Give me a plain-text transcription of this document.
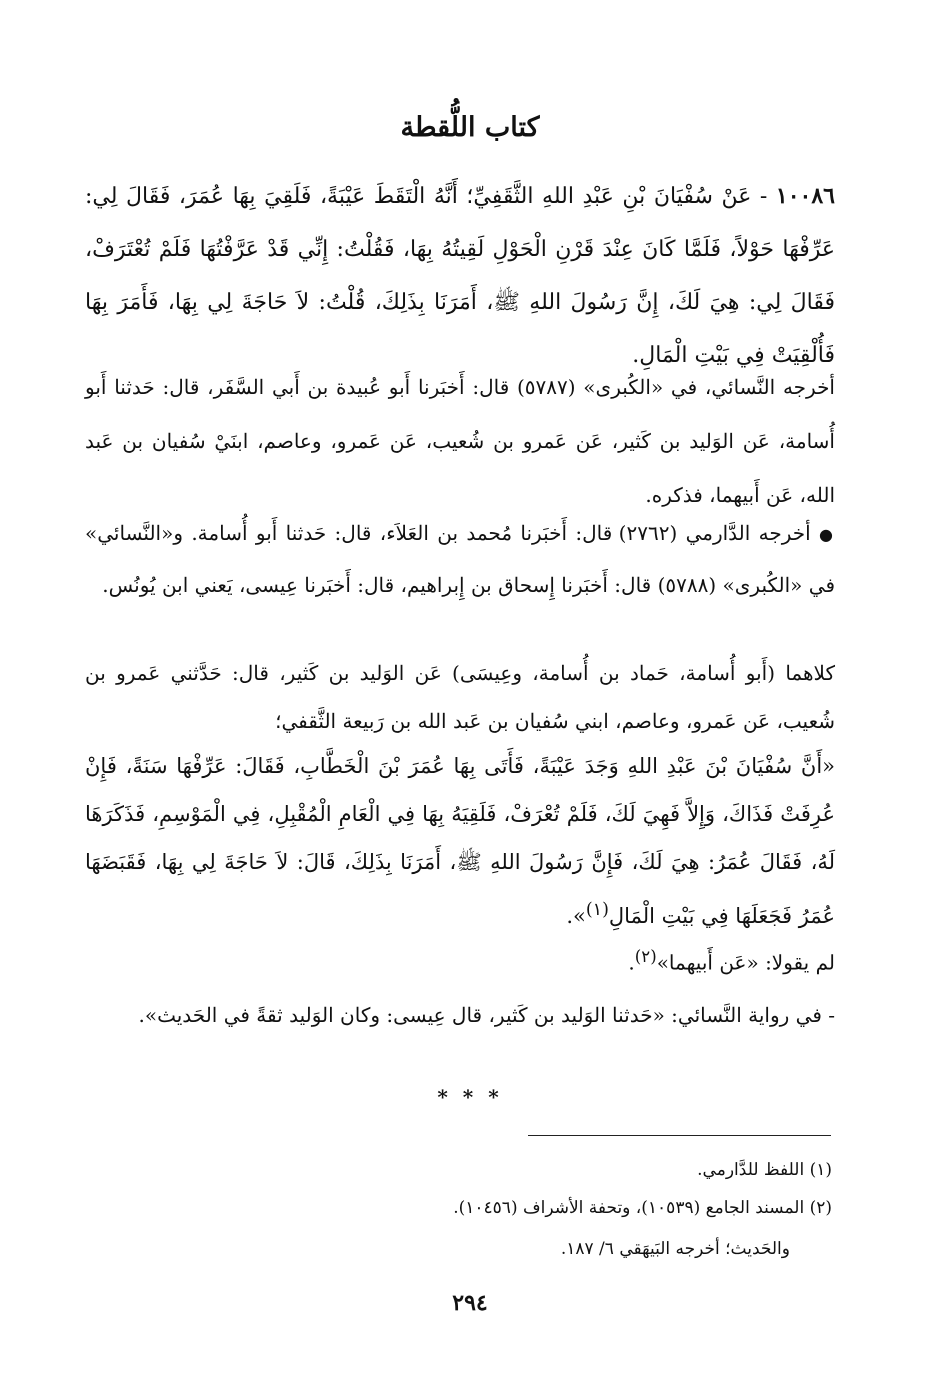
كتاب اللُّقطة
١٠٠٨٦ - عَنْ سُفْيَانَ بْنِ عَبْدِ اللهِ الثَّقَفِيِّ؛ أَنَّهُ الْتَقَطَ عَيْبَةً، فَلَقِيَ بِهَا عُمَرَ، فَقَالَ لِي: عَرِّفْهَا حَوْلاً، فَلَمَّا كَانَ عِنْدَ قَرْنِ الْحَوْلِ لَقِيتُهُ بِهَا، فَقُلْتُ: إِنِّي قَدْ عَرَّفْتُهَا فَلَمْ تُعْتَرَفْ، فَقَالَ لِي: هِيَ لَكَ، إِنَّ رَسُولَ اللهِ ﷺ، أَمَرَنَا بِذَلِكَ، قُلْتُ: لاَ حَاجَةَ لِي بِهَا، فَأَمَرَ بِهَا فَأُلْقِيَتْ فِي بَيْتِ الْمَالِ.
أخرجه النَّسائي، في «الكُبرى» (٥٧٨٧) قال: أَخبَرنا أَبو عُبيدة بن أَبي السَّفَر، قال: حَدثنا أَبو أُسامة، عَن الوَليد بن كَثير، عَن عَمرو بن شُعيب، عَن عَمرو، وعاصم، ابنَيْ سُفيان بن عَبد الله، عَن أَبيهما، فذكره.
● أخرجه الدَّارمي (٢٧٦٢) قال: أَخبَرنا مُحمد بن العَلاَء، قال: حَدثنا أَبو أُسامة. و«النَّسائي» في «الكُبرى» (٥٧٨٨) قال: أَخبَرنا إِسحاق بن إِبراهيم، قال: أَخبَرنا عِيسى، يَعني ابن يُونُس.
كلاهما (أَبو أُسامة، حَماد بن أُسامة، وعِيسَى) عَن الوَليد بن كَثير، قال: حَدَّثني عَمرو بن شُعيب، عَن عَمرو، وعاصم، ابني سُفيان بن عَبد الله بن رَبيعة الثَّقفي؛
«أَنَّ سُفْيَانَ بْنَ عَبْدِ اللهِ وَجَدَ عَيْبَةً، فَأَتَى بِهَا عُمَرَ بْنَ الْخَطَّابِ، فَقَالَ: عَرِّفْهَا سَنَةً، فَإِنْ عُرِفَتْ فَذَاكَ، وَإِلاَّ فَهِيَ لَكَ، فَلَمْ تُعْرَفْ، فَلَقِيَهُ بِهَا فِي الْعَامِ الْمُقْبِلِ، فِي الْمَوْسِمِ، فَذَكَرَهَا لَهُ، فَقَالَ عُمَرُ: هِيَ لَكَ، فَإِنَّ رَسُولَ اللهِ ﷺ، أَمَرَنَا بِذَلِكَ، قَالَ: لاَ حَاجَةَ لِي بِهَا، فَقَبَضَهَا عُمَرُ فَجَعَلَهَا فِي بَيْتِ الْمَالِ$^{(١)}$».
لم يقولا: «عَن أَبيهما»$^{(٢)}$.
- في رواية النَّسائي: «حَدثنا الوَليد بن كَثير، قال عِيسى: وكان الوَليد ثقةً في الحَديث».
* * *
(١) اللفظ للدَّارمي.
(٢) المسند الجامع (١٠٥٣٩)، وتحفة الأشراف (١٠٤٥٦).
والحَديث؛ أخرجه البَيهَقي ٦/ ١٨٧.
٢٩٤
